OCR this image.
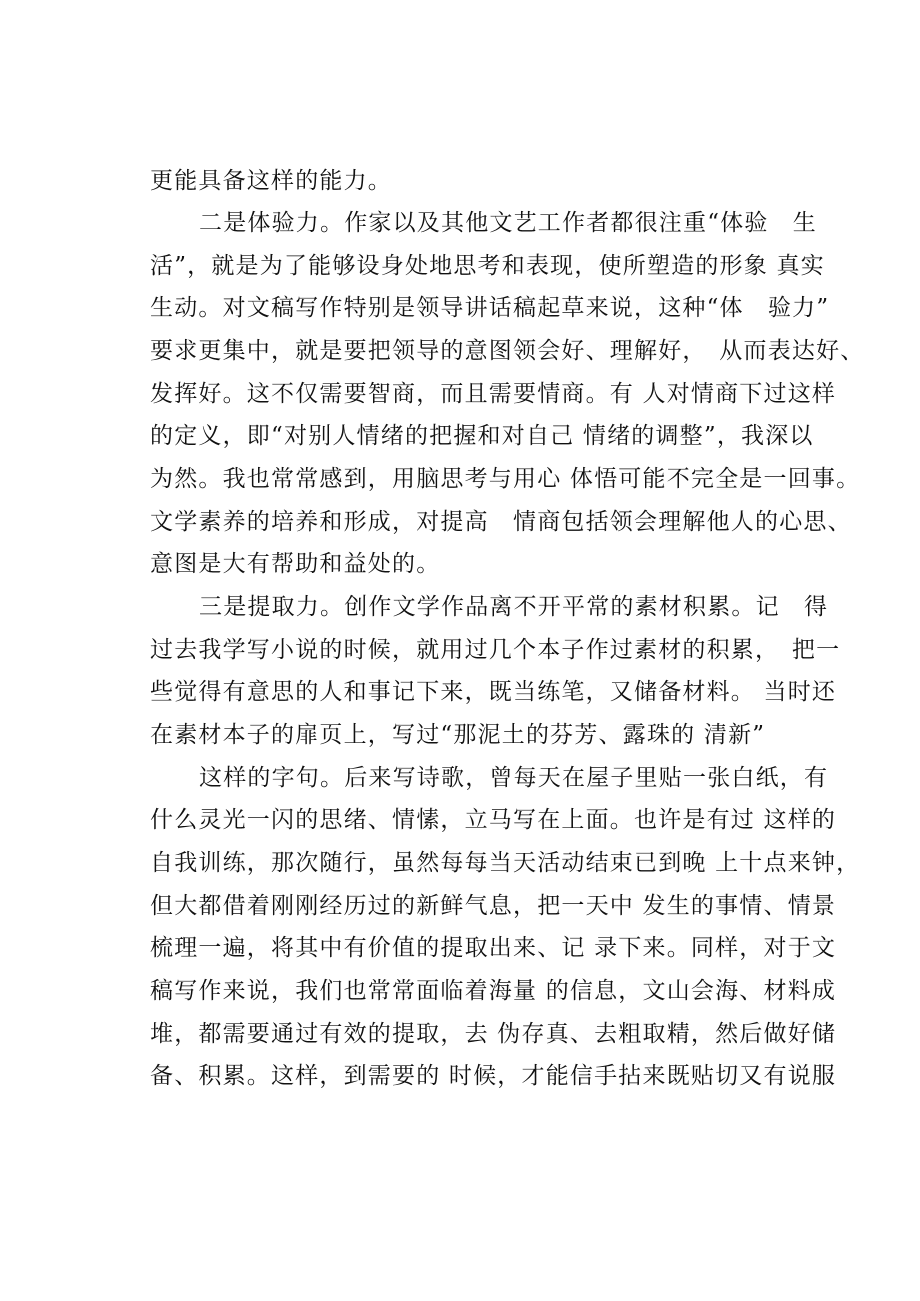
更能具备这样的能力。
二是体验力。作家以及其他文艺工作者都很注重“体验　生
活”，就是为了能够设身处地思考和表现，使所塑造的形象 真实
生动。对文稿写作特别是领导讲话稿起草来说，这种“体　验力”
要求更集中，就是要把领导的意图领会好、理解好，　从而表达好、
发挥好。这不仅需要智商，而且需要情商。有 人对情商下过这样
的定义，即“对别人情绪的把握和对自己 情绪的调整”，我深以
为然。我也常常感到，用脑思考与用心 体悟可能不完全是一回事。
文学素养的培养和形成，对提高　情商包括领会理解他人的心思、
意图是大有帮助和益处的。
三是提取力。创作文学作品离不开平常的素材积累。记　得
过去我学写小说的时候，就用过几个本子作过素材的积累，　把一
些觉得有意思的人和事记下来，既当练笔，又储备材料。 当时还
在素材本子的扉页上，写过“那泥土的芬芳、露珠的 清新”
这样的字句。后来写诗歌，曾每天在屋子里贴一张白纸，有
什么灵光一闪的思绪、情愫，立马写在上面。也许是有过 这样的
自我训练，那次随行，虽然每每当天活动结束已到晚 上十点来钟，
但大都借着刚刚经历过的新鲜气息，把一天中 发生的事情、情景
梳理一遍，将其中有价值的提取出来、记 录下来。同样，对于文
稿写作来说，我们也常常面临着海量 的信息，文山会海、材料成
堆，都需要通过有效的提取，去 伪存真、去粗取精，然后做好储
备、积累。这样，到需要的 时候，才能信手拈来既贴切又有说服
